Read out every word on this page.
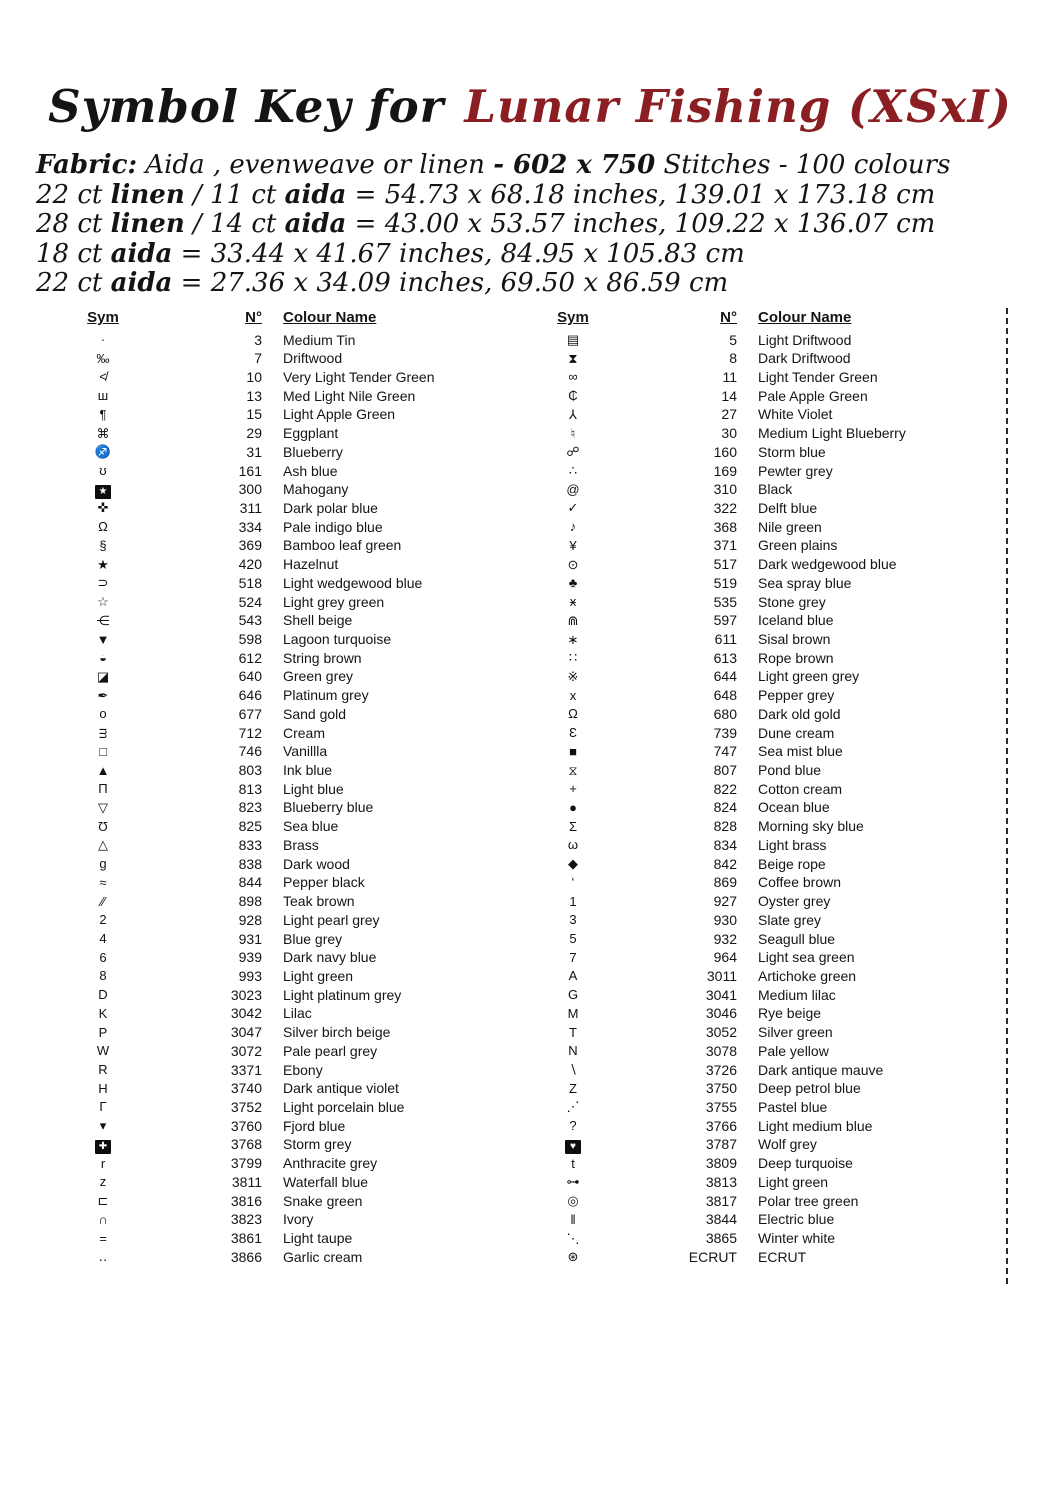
Symbol Key for Lunar Fishing (XSxI)
Fabric: Aida , evenweave or linen - 602 x 750 Stitches - 100 colours
22 ct linen / 11 ct aida = 54.73 x 68.18 inches, 139.01 x 173.18 cm
28 ct linen / 14 ct aida = 43.00 x 53.57 inches, 109.22 x 136.07 cm
18 ct aida = 33.44 x 41.67 inches, 84.95 x 105.83 cm
22 ct aida = 27.36 x 34.09 inches, 69.50 x 86.59 cm
Sym	N°	Colour Name
·	3	Medium Tin
‰	7	Driftwood
≮	10	Very Light Tender Green
ш	13	Med Light Nile Green
¶	15	Light Apple Green
⌘	29	Eggplant
♐	31	Blueberry
ʊ	161	Ash blue
★	300	Mahogany
✜	311	Dark polar blue
Ω	334	Pale indigo blue
§	369	Bamboo leaf green
★	420	Hazelnut
⊃	518	Light wedgewood blue
☆	524	Light grey green
⋲	543	Shell beige
▼	598	Lagoon turquoise
◒	612	String brown
◪	640	Green grey
✒	646	Platinum grey
o	677	Sand gold
ᴟ	712	Cream
□	746	Vanillla
▲	803	Ink blue
Π	813	Light blue
▽	823	Blueberry blue
Ʊ	825	Sea blue
△	833	Brass
g	838	Dark wood
≈	844	Pepper black
∕∕	898	Teak brown
2	928	Light pearl grey
4	931	Blue grey
6	939	Dark navy blue
8	993	Light green
D	3023	Light platinum grey
K	3042	Lilac
P	3047	Silver birch beige
W	3072	Pale pearl grey
R	3371	Ebony
H	3740	Dark antique violet
Γ	3752	Light porcelain blue
▾	3760	Fjord blue
✚	3768	Storm grey
r	3799	Anthracite grey
z	3811	Waterfall blue
⊏	3816	Snake green
∩	3823	Ivory
=	3861	Light taupe
‥	3866	Garlic cream
Sym	N°	Colour Name
▤	5	Light Driftwood
⧗	8	Dark Driftwood
∞	11	Light Tender Green
₵	14	Pale Apple Green
⅄	27	White Violet
♮	30	Medium Light Blueberry
☍	160	Storm blue
∴	169	Pewter grey
@	310	Black
✓	322	Delft blue
♪	368	Nile green
¥	371	Green plains
⊙	517	Dark wedgewood blue
♣	519	Sea spray blue
ӿ	535	Stone grey
⋒	597	Iceland blue
∗	611	Sisal brown
∷	613	Rope brown
※	644	Light green grey
x	648	Pepper grey
Ω	680	Dark old gold
Ɛ	739	Dune cream
■	747	Sea mist blue
⧖	807	Pond blue
+	822	Cotton cream
●	824	Ocean blue
Σ	828	Morning sky blue
ω	834	Light brass
◆	842	Beige rope
ʻ	869	Coffee brown
1	927	Oyster grey
3	930	Slate grey
5	932	Seagull blue
7	964	Light sea green
A	3011	Artichoke green
G	3041	Medium lilac
M	3046	Rye beige
T	3052	Silver green
N	3078	Pale yellow
∖	3726	Dark antique mauve
Z	3750	Deep petrol blue
⋰	3755	Pastel blue
?	3766	Light medium blue
♥	3787	Wolf grey
t	3809	Deep turquoise
⊶	3813	Light green
◎	3817	Polar tree green
‖	3844	Electric blue
⋱	3865	Winter white
⊛	ECRUT	ECRUT
